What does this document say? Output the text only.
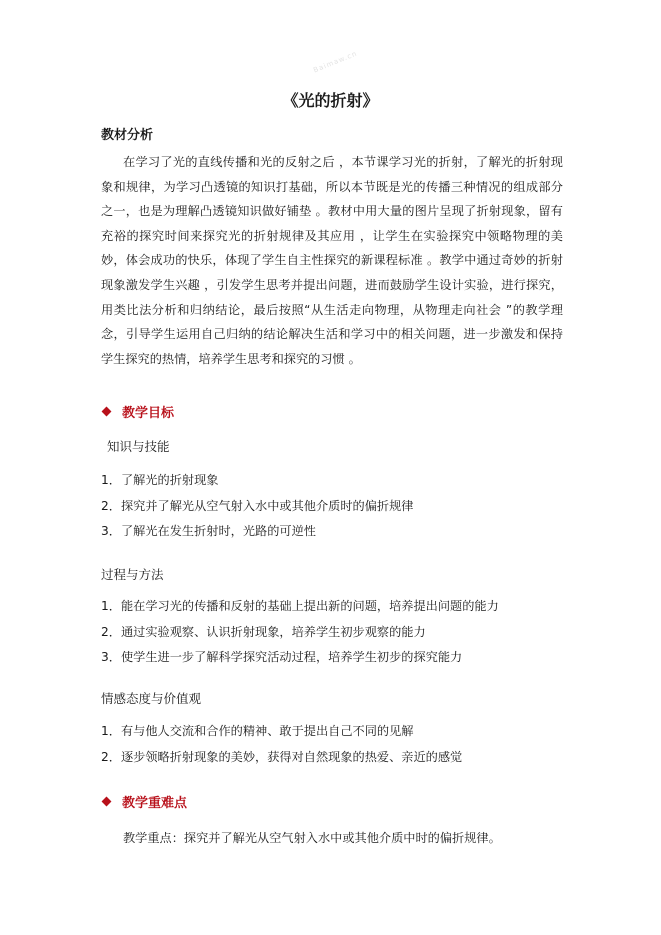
Baimaw.cn
《光的折射》
教材分析

在学习了光的直线传播和光的反射之后 ，本节课学习光的折射，了解光的折射现象和规律，为学习凸透镜的知识打基础，所以本节既是光的传播三种情况的组成部分之一，也是为理解凸透镜知识做好铺垫 。教材中用大量的图片呈现了折射现象，留有充裕的探究时间来探究光的折射规律及其应用 ，让学生在实验探究中领略物理的美妙，体会成功的快乐，体现了学生自主性探究的新课程标准 。教学中通过奇妙的折射现象激发学生兴趣 ，引发学生思考并提出问题，进而鼓励学生设计实验，进行探究，用类比法分析和归纳结论，最后按照“从生活走向物理，从物理走向社会 ”的教学理念，引导学生运用自己归纳的结论解决生活和学习中的相关问题，进一步激发和保持学生探究的热情，培养学生思考和探究的习惯 。

教学目标
知识与技能
1．了解光的折射现象
2．探究并了解光从空气射入水中或其他介质时的偏折规律
3．了解光在发生折射时，光路的可逆性
过程与方法
1．能在学习光的传播和反射的基础上提出新的问题，培养提出问题的能力
2．通过实验观察、认识折射现象，培养学生初步观察的能力
3．使学生进一步了解科学探究活动过程，培养学生初步的探究能力
情感态度与价值观
1．有与他人交流和合作的精神、敢于提出自己不同的见解
2．逐步领略折射现象的美妙，获得对自然现象的热爱、亲近的感觉
教学重难点
教学重点：探究并了解光从空气射入水中或其他介质中时的偏折规律。
